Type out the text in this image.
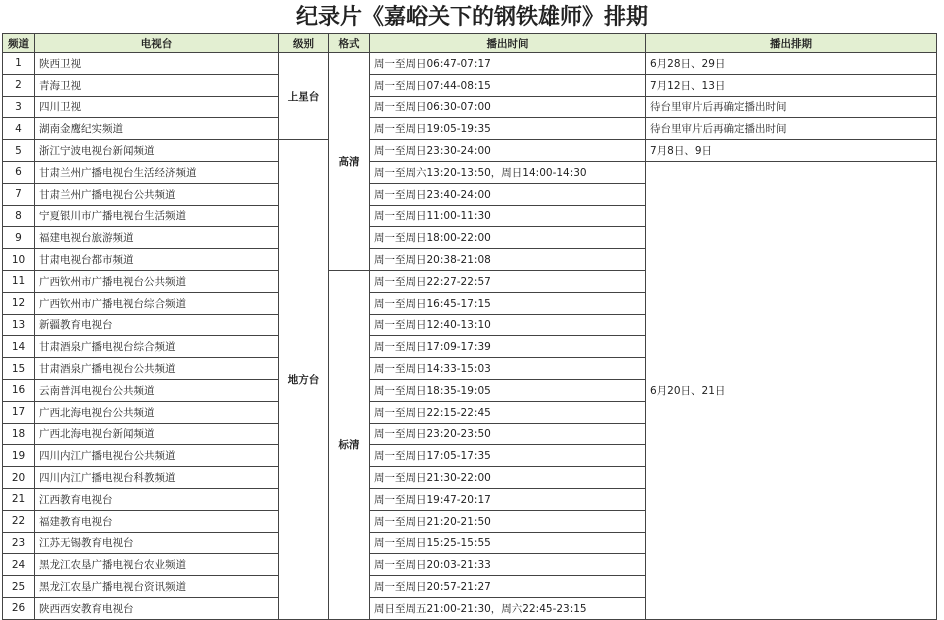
纪录片《嘉峪关下的钢铁雄师》排期
频道	电视台	级别	格式	播出时间	播出排期
1	陕西卫视	上星台	高清	周一至周日06:47-07:17	6月28日、29日
2	青海卫视			周一至周日07:44-08:15	7月12日、13日
3	四川卫视			周一至周日06:30-07:00	待台里审片后再确定播出时间
4	湖南金鹰纪实频道			周一至周日19:05-19:35	待台里审片后再确定播出时间
5	浙江宁波电视台新闻频道	地方台		周一至周日23:30-24:00	7月8日、9日
6	甘肃兰州广播电视台生活经济频道			周一至周六13:20-13:50，周日14:00-14:30	6月20日、21日
7	甘肃兰州广播电视台公共频道			周一至周日23:40-24:00	
8	宁夏银川市广播电视台生活频道			周一至周日11:00-11:30	
9	福建电视台旅游频道			周一至周日18:00-22:00	
10	甘肃电视台都市频道			周一至周日20:38-21:08	
11	广西钦州市广播电视台公共频道		标清	周一至周日22:27-22:57	
12	广西钦州市广播电视台综合频道			周一至周日16:45-17:15	
13	新疆教育电视台			周一至周日12:40-13:10	
14	甘肃酒泉广播电视台综合频道			周一至周日17:09-17:39	
15	甘肃酒泉广播电视台公共频道			周一至周日14:33-15:03	
16	云南普洱电视台公共频道			周一至周日18:35-19:05	
17	广西北海电视台公共频道			周一至周日22:15-22:45	
18	广西北海电视台新闻频道			周一至周日23:20-23:50	
19	四川内江广播电视台公共频道			周一至周日17:05-17:35	
20	四川内江广播电视台科教频道			周一至周日21:30-22:00	
21	江西教育电视台			周一至周日19:47-20:17	
22	福建教育电视台			周一至周日21:20-21:50	
23	江苏无锡教育电视台			周一至周日15:25-15:55	
24	黑龙江农垦广播电视台农业频道			周一至周日20:03-21:33	
25	黑龙江农垦广播电视台资讯频道			周一至周日20:57-21:27	
26	陕西西安教育电视台			周日至周五21:00-21:30，周六22:45-23:15	
